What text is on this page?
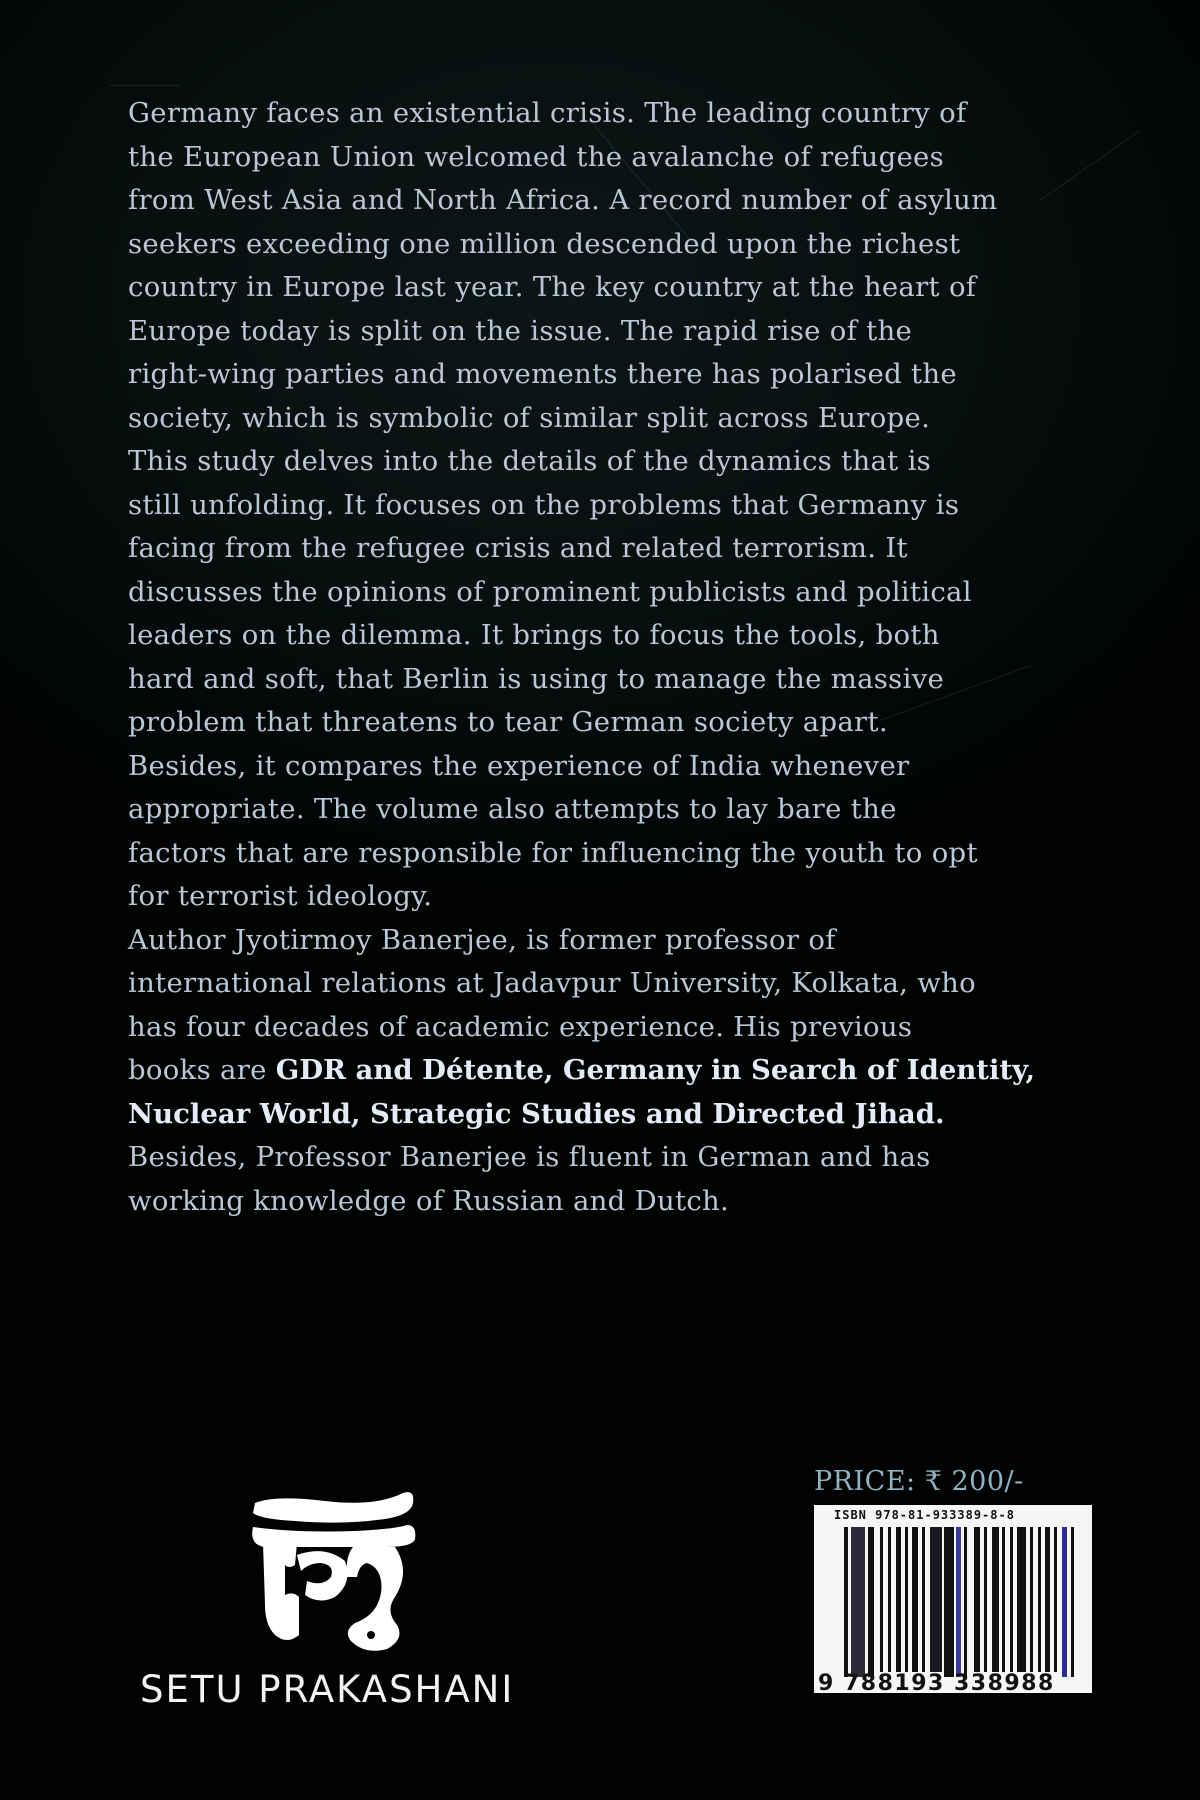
Germany faces an existential crisis. The leading country of
the European Union welcomed the avalanche of refugees
from West Asia and North Africa. A record number of asylum
seekers exceeding one million descended upon the richest
country in Europe last year. The key country at the heart of
Europe today is split on the issue. The rapid rise of the
right-wing parties and movements there has polarised the
society, which is symbolic of similar split across Europe.
This study delves into the details of the dynamics that is
still unfolding. It focuses on the problems that Germany is
facing from the refugee crisis and related terrorism. It
discusses the opinions of prominent publicists and political
leaders on the dilemma. It brings to focus the tools, both
hard and soft, that Berlin is using to manage the massive
problem that threatens to tear German society apart.
Besides, it compares the experience of India whenever
appropriate. The volume also attempts to lay bare the
factors that are responsible for influencing the youth to opt
for terrorist ideology.
Author Jyotirmoy Banerjee, is former professor of
international relations at Jadavpur University, Kolkata, who
has four decades of academic experience. His previous
books are GDR and Détente, Germany in Search of Identity,
Nuclear World, Strategic Studies and Directed Jihad.
Besides, Professor Banerjee is fluent in German and has
working knowledge of Russian and Dutch.
SETU PRAKASHANI
PRICE: ₹ 200/-
ISBN 978-81-933389-8-8
9 788193 338988
